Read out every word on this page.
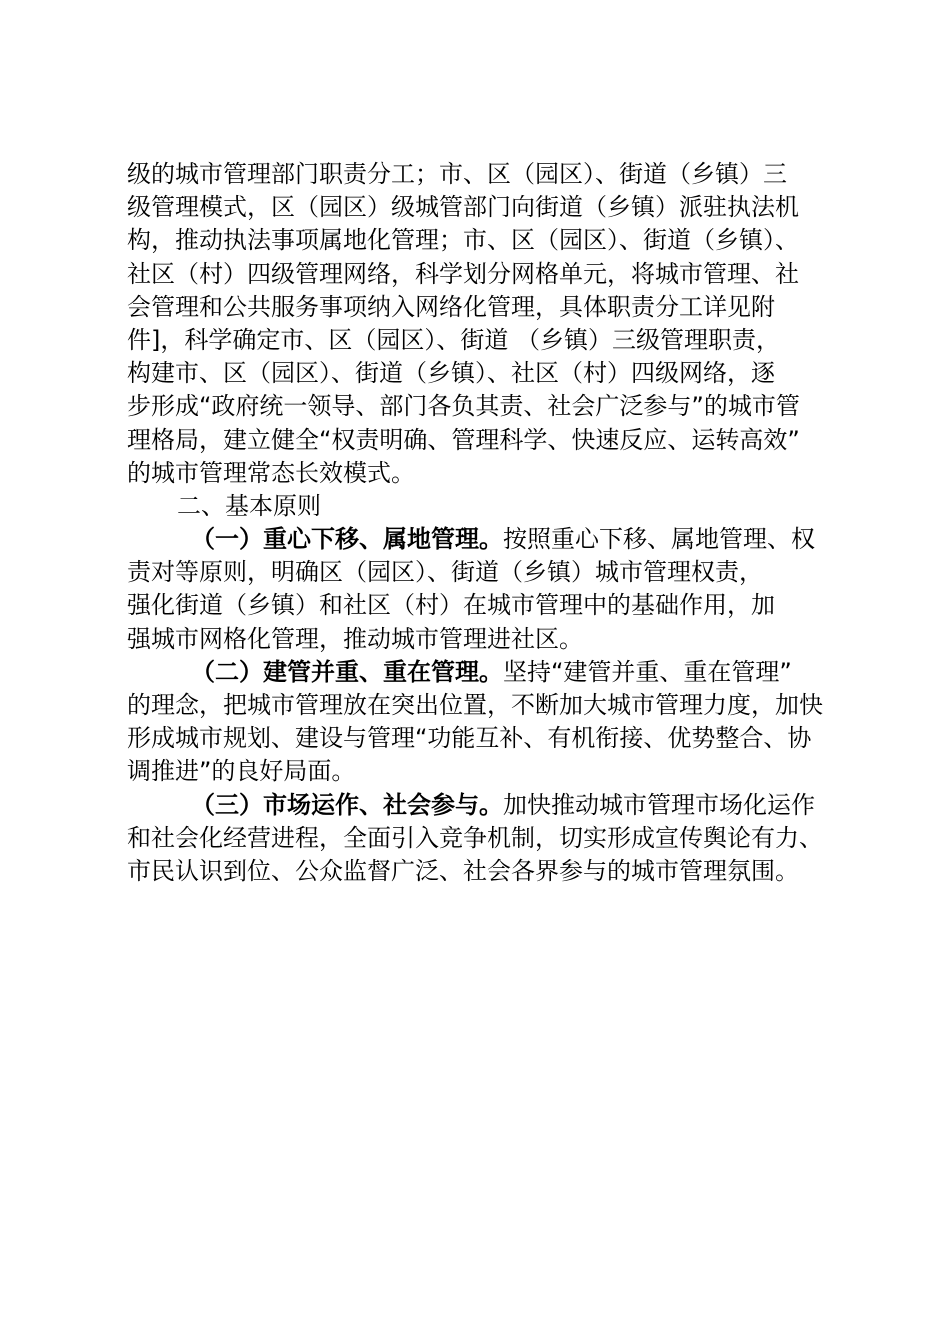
级的城市管理部门职责分工；市、区（园区）、街道（乡镇）三
级管理模式，区（园区）级城管部门向街道（乡镇）派驻执法机
构，推动执法事项属地化管理；市、区（园区）、街道（乡镇）、
社区（村）四级管理网络，科学划分网格单元，将城市管理、社
会管理和公共服务事项纳入网络化管理，具体职责分工详见附
件]，科学确定市、区（园区）、街道 （乡镇）三级管理职责，
构建市、区（园区）、街道（乡镇）、社区（村）四级网络，逐
步形成“政府统一领导、部门各负其责、社会广泛参与”的城市管
理格局，建立健全“权责明确、管理科学、快速反应、运转高效”
的城市管理常态长效模式。
二、基本原则
（一）重心下移、属地管理。按照重心下移、属地管理、权
责对等原则，明确区（园区）、街道（乡镇）城市管理权责，
强化街道（乡镇）和社区（村）在城市管理中的基础作用，加
强城市网格化管理，推动城市管理进社区。
（二）建管并重、重在管理。坚持“建管并重、重在管理”
的理念，把城市管理放在突出位置，不断加大城市管理力度，加快
形成城市规划、建设与管理“功能互补、有机衔接、优势整合、协
调推进”的良好局面。
（三）市场运作、社会参与。加快推动城市管理市场化运作
和社会化经营进程，全面引入竞争机制，切实形成宣传舆论有力、
市民认识到位、公众监督广泛、社会各界参与的城市管理氛围。
